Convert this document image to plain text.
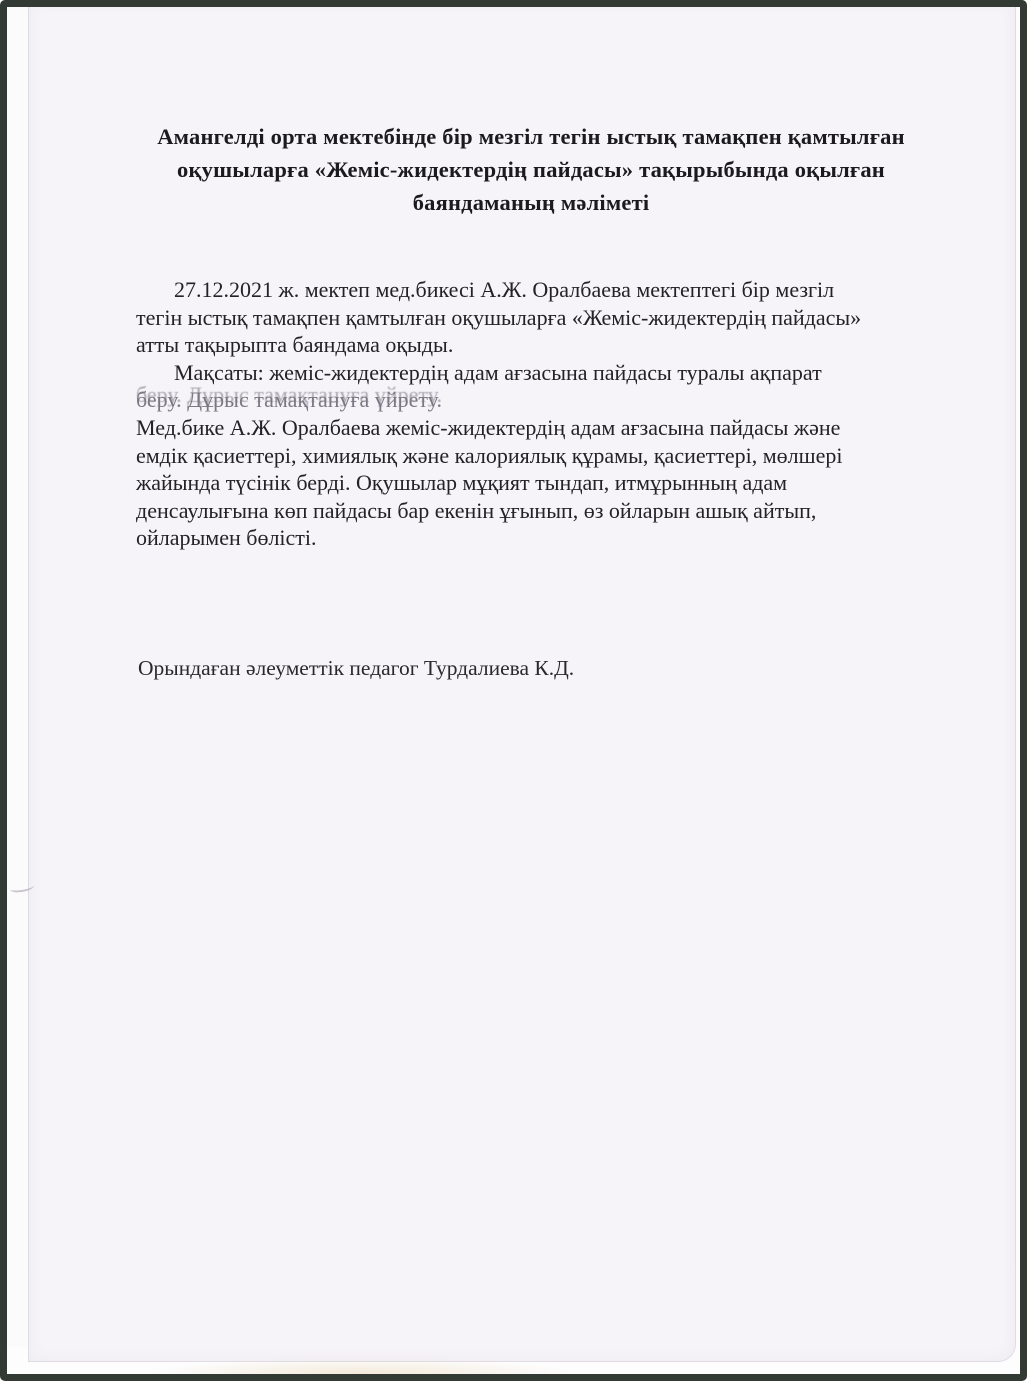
Амангелді орта мектебінде бір мезгіл тегін ыстық тамақпен қамтылған
оқушыларға «Жеміс-жидектердің пайдасы» тақырыбында оқылған
баяндаманың мәліметі
27.12.2021 ж. мектеп мед.бикесі А.Ж. Оралбаева мектептегі бір мезгіл
тегін ыстық тамақпен қамтылған оқушыларға «Жеміс-жидектердің пайдасы»
атты тақырыпта баяндама оқыды.
Мақсаты: жеміс-жидектердің адам ағзасына пайдасы туралы ақпарат
беру. Дұрыс тамақтануға үйрету.
Мед.бике А.Ж. Оралбаева жеміс-жидектердің адам ағзасына пайдасы және
емдік қасиеттері, химиялық және калориялық құрамы, қасиеттері, мөлшері
жайында түсінік берді. Оқушылар мұқият тындап, итмұрынның адам
денсаулығына көп пайдасы бар екенін ұғынып, өз ойларын ашық айтып,
ойларымен бөлісті.
Орындаған әлеуметтік педагог Турдалиева К.Д.
